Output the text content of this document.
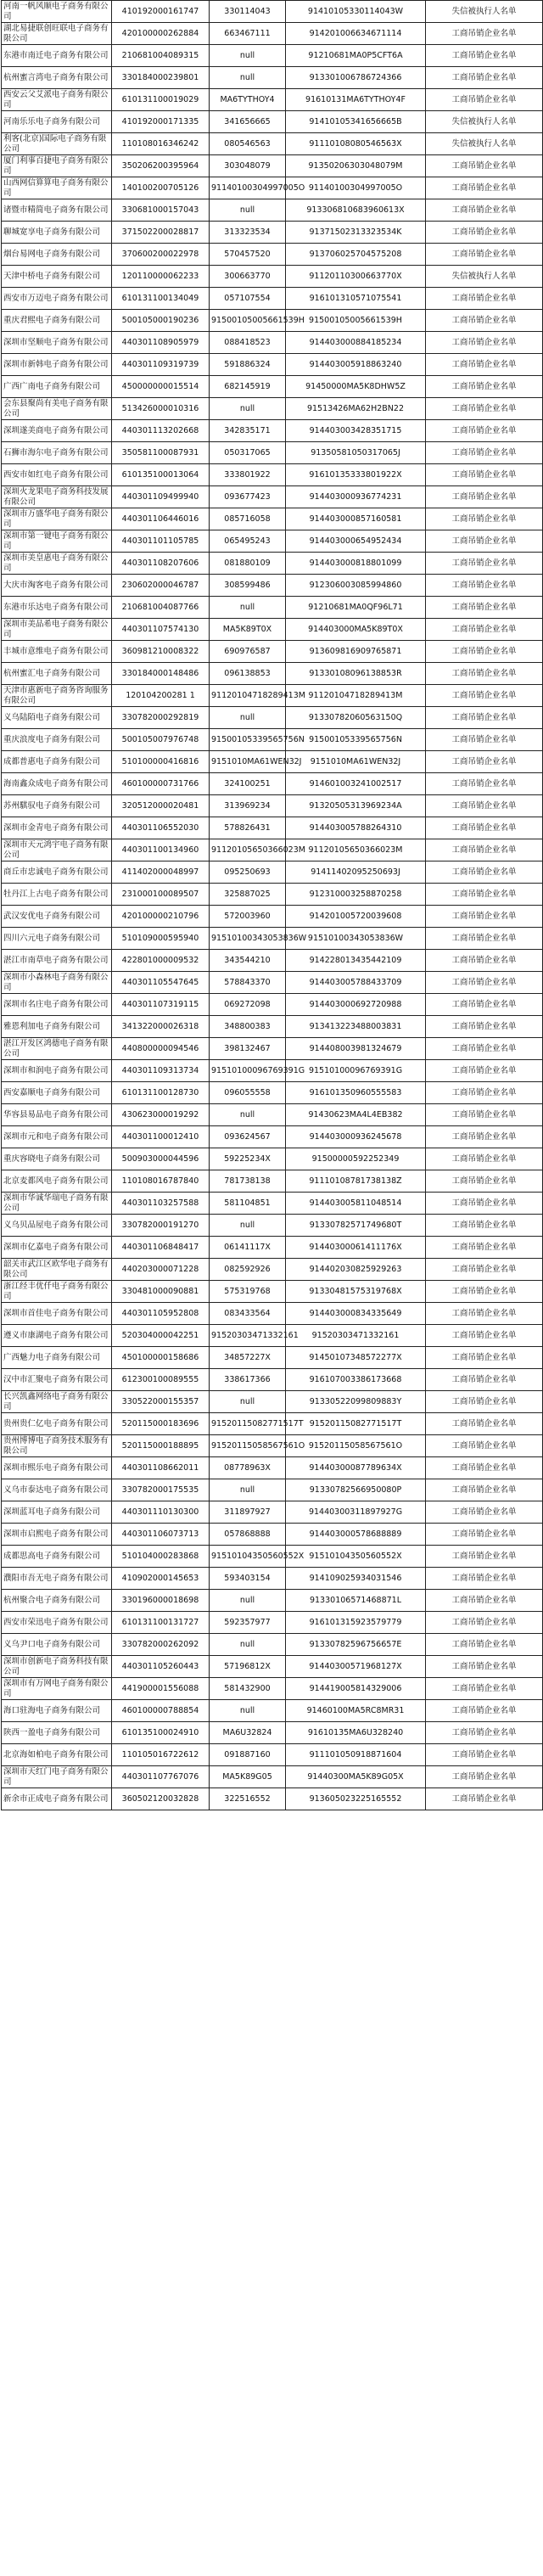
河南一帆风顺电子商务有限公司	410192000161747	330114043	91410105330114043W	失信被执行人名单
湖北易捷联创旺联电子商务有限公司	420100000262884	663467111	914201006634671114	工商吊销企业名单
东港市南迁电子商务有限公司	210681004089315	null	91210681MA0P5CFT6A	工商吊销企业名单
杭州蜜言湾电子商务有限公司	330184000239801	null	913301006786724366	工商吊销企业名单
西安云父艾派电子商务有限公司	610131100019029	MA6TYTHOY4	91610131MA6TYTHOY4F	工商吊销企业名单
河南乐乐电子商务有限公司	410192000171335	341656665	91410105341656665B	失信被执行人名单
利客(北京)国际电子商务有限公司	110108016346242	080546563	91110108080546563X	失信被执行人名单
厦门利事百捷电子商务有限公司	350206200395964	303048079	91350206303048079M	工商吊销企业名单
山西网信算算电子商务有限公司	140100200705126	91140100304997005O	91140100304997005O	工商吊销企业名单
诸暨市精简电子商务有限公司	330681000157043	null	913306810683960613X	工商吊销企业名单
聊城宽享电子商务有限公司	371502200028817	313323534	91371502313323534K	工商吊销企业名单
烟台易网电子商务有限公司	370600200022978	570457520	913706025704575208	工商吊销企业名单
天津中桥电子商务有限公司	120110000062233	300663770	91120110300663770X	失信被执行人名单
西安市万迈电子商务有限公司	610131100134049	057107554	916101310571075541	工商吊销企业名单
重庆君熙电子商务有限公司	500105000190236	91500105005661539H	91500105005661539H	工商吊销企业名单
深圳市坚顺电子商务有限公司	440301108905979	088418523	914403000884185234	工商吊销企业名单
深圳市新韩电子商务有限公司	440301109319739	591886324	914403005918863240	工商吊销企业名单
广西广南电子商务有限公司	450000000015514	682145919	91450000MA5K8DHW5Z	工商吊销企业名单
会东县聚尚有美电子商务有限公司	513426000010316	null	91513426MA62H2BN22	工商吊销企业名单
深圳遂美商电子商务有限公司	440301113202668	342835171	914403003428351715	工商吊销企业名单
石狮市海尔电子商务有限公司	350581100087931	050317065	91350581050317065J	工商吊销企业名单
西安市如红电子商务有限公司	610135100013064	333801922	91610135333801922X	工商吊销企业名单
深圳火龙果电子商务科技发展有限公司	440301109499940	093677423	914403000936774231	工商吊销企业名单
深圳市万盛华电子商务有限公司	440301106446016	085716058	914403000857160581	工商吊销企业名单
深圳市第一键电子商务有限公司	440301101105785	065495243	914403000654952434	工商吊销企业名单
深圳市美皇惠电子商务有限公司	440301108207606	081880109	914403000818801099	工商吊销企业名单
大庆市淘客电子商务有限公司	230602000046787	308599486	912306003085994860	工商吊销企业名单
东港市乐达电子商务有限公司	210681004087766	null	91210681MA0QF96L71	工商吊销企业名单
深圳市美品希电子商务有限公司	440301107574130	MA5K89T0X	914403000MA5K89T0X	工商吊销企业名单
丰城市意维电子商务有限公司	360981210008322	690976587	913609816909765871	工商吊销企业名单
杭州蜜汇电子商务有限公司	330184000148486	096138853	91330108096138853R	工商吊销企业名单
天津市惠新电子商务咨询服务有限公司	120104200281 1	91120104718289413M	91120104718289413M	工商吊销企业名单
义乌陆陌电子商务有限公司	330782000292819	null	91330782060563150Q	工商吊销企业名单
重庆浪度电子商务有限公司	500105007976748	91500105339565756N	91500105339565756N	工商吊销企业名单
成都普惠电子商务有限公司	510100000416816	9151010MA61WEN32J	9151010MA61WEN32J	工商吊销企业名单
海南鑫众成电子商务有限公司	460100000731766	324100251	914601003241002517	工商吊销企业名单
苏州騏驭电子商务有限公司	320512000020481	313969234	91320505313969234A	工商吊销企业名单
深圳市金青电子商务有限公司	440301106552030	578826431	914403005788264310	工商吊销企业名单
深圳市天元鸿宇电子商务有限公司	440301100134960	91120105650366023M	91120105650366023M	工商吊销企业名单
商丘市忠诚电子商务有限公司	411402000048997	095250693	91411402095250693J	工商吊销企业名单
牡丹江上古电子商务有限公司	231000100089507	325887025	912310003258870258	工商吊销企业名单
武汉安优电子商务有限公司	420100000210796	572003960	914201005720039608	工商吊销企业名单
四川六元电子商务有限公司	510109000595940	91510100343053836W	91510100343053836W	工商吊销企业名单
湛江市南草电子商务有限公司	422801000009532	343544210	914228013435442109	工商吊销企业名单
深圳市小森林电子商务有限公司	440301105547645	578843370	914403005788433709	工商吊销企业名单
深圳市名庄电子商务有限公司	440301107319115	069272098	914403000692720988	工商吊销企业名单
雅恩利加电子商务有限公司	341322000026318	348800383	913413223488003831	工商吊销企业名单
湛江开发区鸿德电子商务有限公司	440800000094546	398132467	914408003981324679	工商吊销企业名单
深圳市和润电子商务有限公司	440301109313734	91510100096769391G	91510100096769391G	工商吊销企业名单
西安嘉顺电子商务有限公司	610131100128730	096055558	916101350960555583	工商吊销企业名单
华容县易品电子商务有限公司	430623000019292	null	91430623MA4L4EB382	工商吊销企业名单
深圳市元和电子商务有限公司	440301100012410	093624567	914403000936245678	工商吊销企业名单
重庆容晓电子商务有限公司	500903000044596	59225234X	91500000592252349	工商吊销企业名单
北京麦都风电子商务有限公司	110108016787840	781738138	91110108781738138Z	工商吊销企业名单
深圳市华诚华瑞电子商务有限公司	440301103257588	581104851	914403005811048514	工商吊销企业名单
义乌贝品屋电子商务有限公司	330782000191270	null	91330782571749680T	工商吊销企业名单
深圳市亿嘉电子商务有限公司	440301106848417	06141117X	91440300061411176X	工商吊销企业名单
韶关市武江区欧华电子商务有限公司	440203000071228	082592926	914402030825929263	工商吊销企业名单
浙江经丰优仟电子商务有限公司	330481000090881	575319768	91330481575319768X	工商吊销企业名单
深圳市首佳电子商务有限公司	440301105952808	083433564	914403000834335649	工商吊销企业名单
遵义市康湖电子商务有限公司	520304000042251	91520303471332161	91520303471332161	工商吊销企业名单
广西魅力电子商务有限公司	450100000158686	34857227X	91450107348572277X	工商吊销企业名单
汉中市汇聚电子商务有限公司	612300100089555	338617366	916107003386173668	工商吊销企业名单
长兴凯鑫网络电子商务有限公司	330522000155357	null	91330522099809883Y	工商吊销企业名单
贵州贵仁亿电子商务有限公司	520115000183696	91520115082771517T	91520115082771517T	工商吊销企业名单
贵州博博电子商务技术服务有限公司	520115000188895	91520115058567561O	91520115058567561O	工商吊销企业名单
深圳市熙乐电子商务有限公司	440301108662011	08778963X	91440300087789634X	工商吊销企业名单
义乌市泰达电子商务有限公司	330782000175535	null	91330782566950080P	工商吊销企业名单
深圳蓝耳电子商务有限公司	440301110130300	311897927	91440300311897927G	工商吊销企业名单
深圳市启熙电子商务有限公司	440301106073713	057868888	914403000578688889	工商吊销企业名单
成都思高电子商务有限公司	510104000283868	91510104350560552X	91510104350560552X	工商吊销企业名单
濮阳市吾无电子商务有限公司	410902000145653	593403154	914109025934031546	工商吊销企业名单
杭州聚合电子商务有限公司	330196000018698	null	91330106571468871L	工商吊销企业名单
西安市荣迅电子商务有限公司	610131100131727	592357977	916101315923579779	工商吊销企业名单
义乌尹口电子商务有限公司	330782000262092	null	91330782596756657E	工商吊销企业名单
深圳市创新电子商务科技有限公司	440301105260443	57196812X	91440300571968127X	工商吊销企业名单
深圳市有万网电子商务有限公司	441900001556088	581432900	914419005814329006	工商吊销企业名单
海口驻海电子商务有限公司	460100000788854	null	91460100MA5RC8MR31	工商吊销企业名单
陕西一盈电子商务有限公司	610135100024910	MA6U32824	91610135MA6U328240	工商吊销企业名单
北京海如柏电子商务有限公司	110105016722612	091887160	911101050918871604	工商吊销企业名单
深圳市天红门电子商务有限公司	440301107767076	MA5K89G05	91440300MA5K89G05X	工商吊销企业名单
新余市正成电子商务有限公司	360502120032828	322516552	913605023225165552	工商吊销企业名单
